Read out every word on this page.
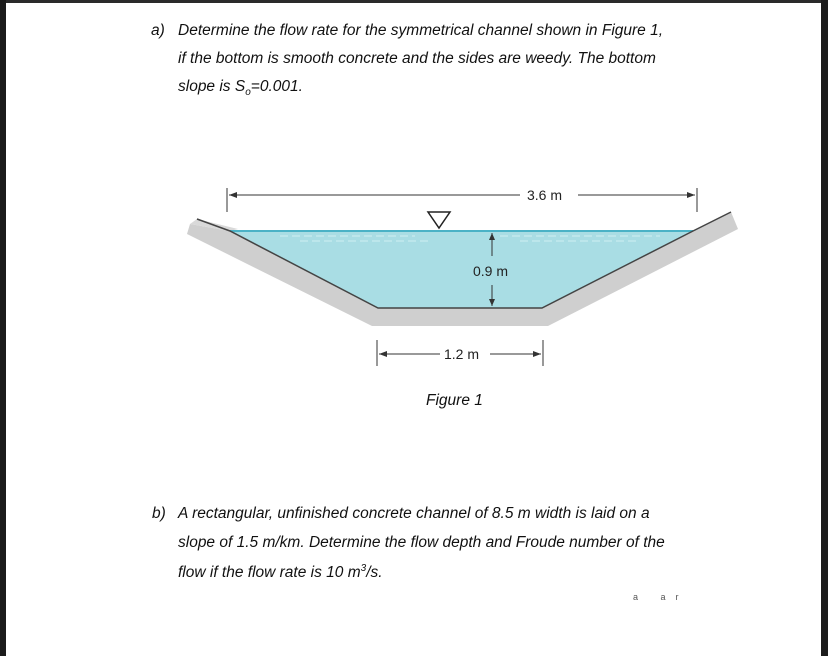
a) Determine the flow rate for the symmetrical channel shown in Figure 1,
if the bottom is smooth concrete and the sides are weedy. The bottom
slope is $S_o=0.001$.
3.6 m
0.9 m
1.2 m
Figure 1
b) A rectangular, unfinished concrete channel of 8.5 m width is laid on a
slope of 1.5 m/km. Determine the flow depth and Froude number of the
flow if the flow rate is 10 $m^3/s$.
a ar
